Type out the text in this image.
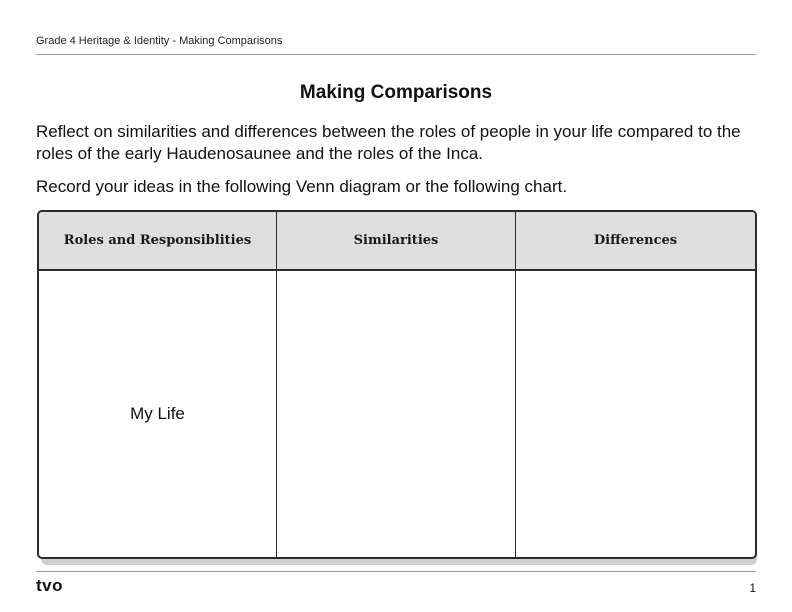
Grade 4 Heritage & Identity - Making Comparisons
Making Comparisons
Reflect on similarities and differences between the roles of people in your life compared to the roles of the early Haudenosaunee and the roles of the Inca.
Record your ideas in the following Venn diagram or the following chart.
Roles and Responsiblities	Similarities	Differences
My Life
tvo	1
